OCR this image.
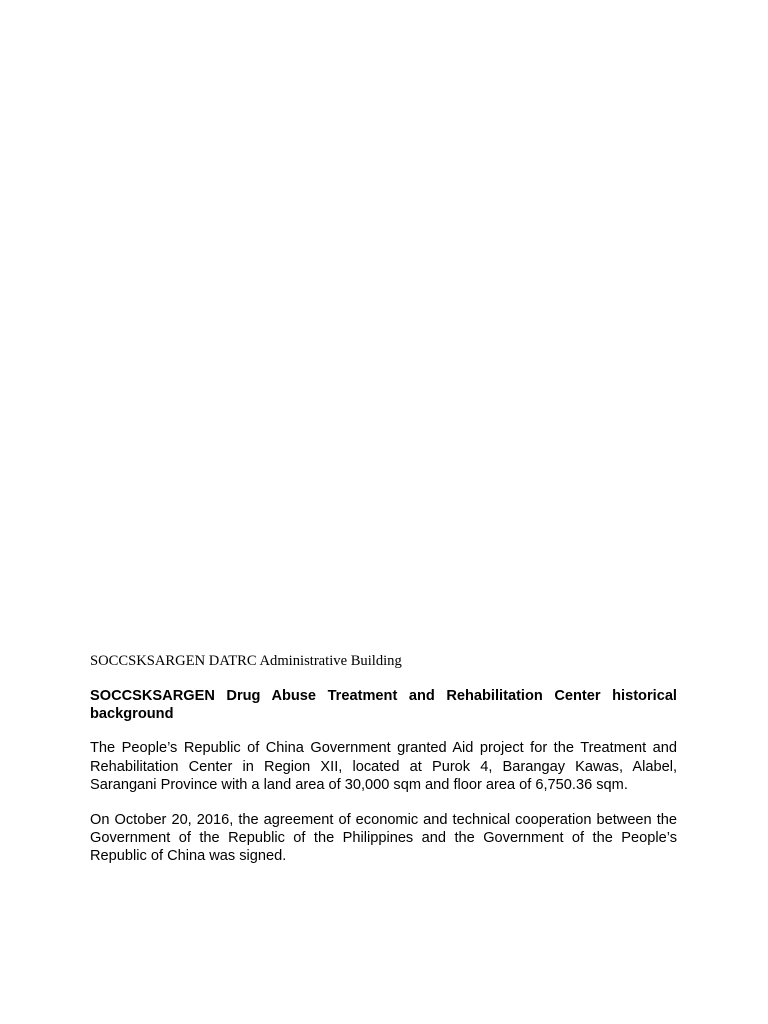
SOCCSKSARGEN DATRC Administrative Building

SOCCSKSARGEN Drug Abuse Treatment and Rehabilitation Center historical background

The People’s Republic of China Government granted Aid project for the Treatment and Rehabilitation Center in Region XII, located at Purok 4, Barangay Kawas, Alabel, Sarangani Province with a land area of 30,000 sqm and floor area of 6,750.36 sqm.

On October 20, 2016, the agreement of economic and technical cooperation between the Government of the Republic of the Philippines and the Government of the People’s Republic of China was signed.
